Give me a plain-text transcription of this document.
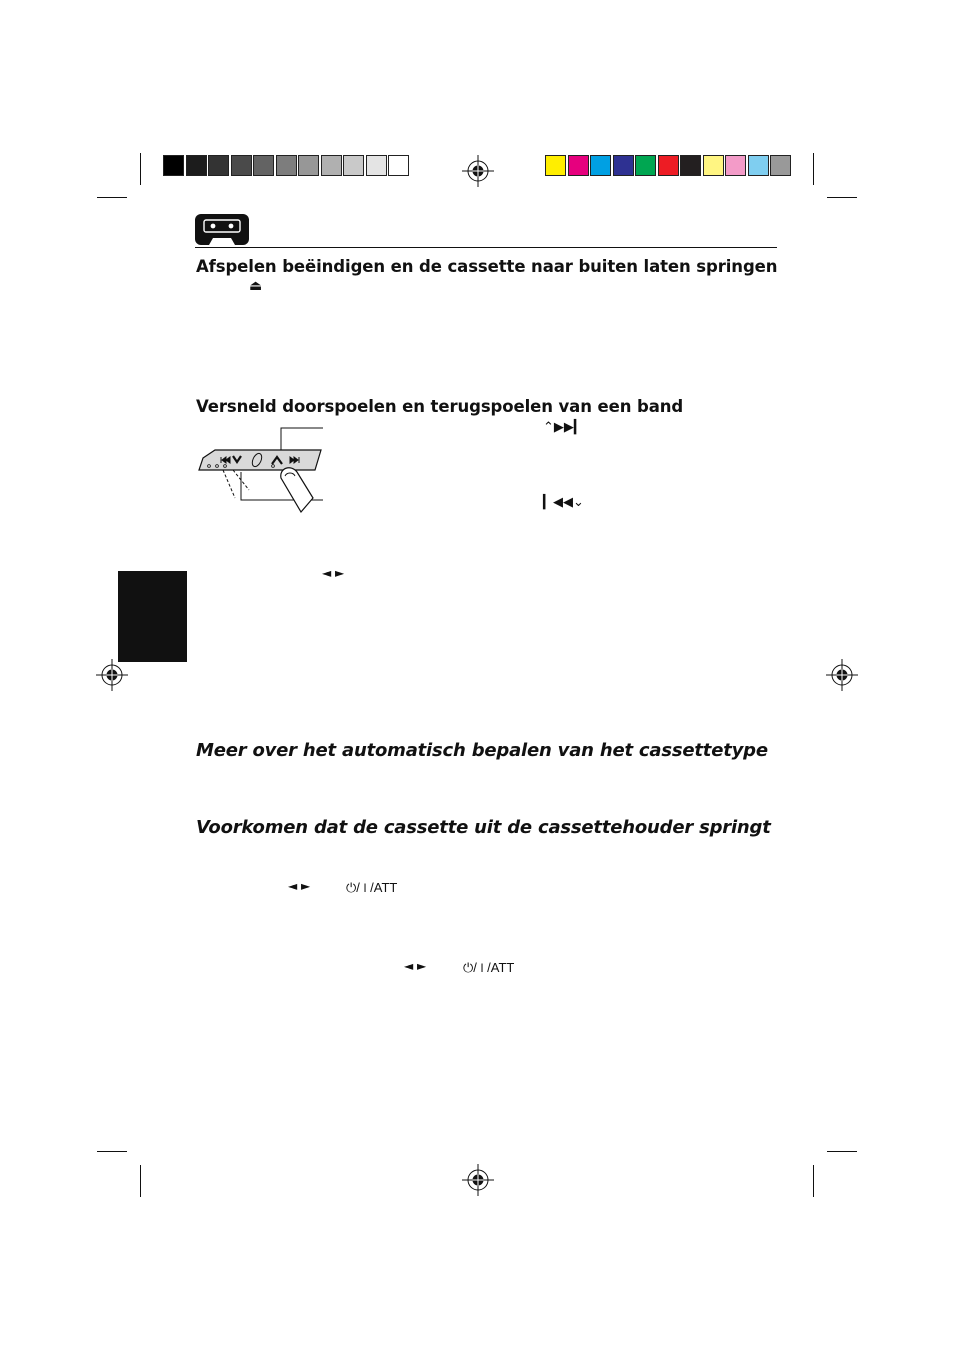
Afspelen beëindigen en de cassette naar buiten laten springen
⏏
Versneld doorspoelen en terugspoelen van een band
⌃▶▶▎
▎◀◀⌄
◄ ►
Meer over het automatisch bepalen van het cassettetype
Voorkomen dat de cassette uit de cassettehouder springt
◄ ►	⏻/⏽/ATT
◄ ►	⏻/⏽/ATT
